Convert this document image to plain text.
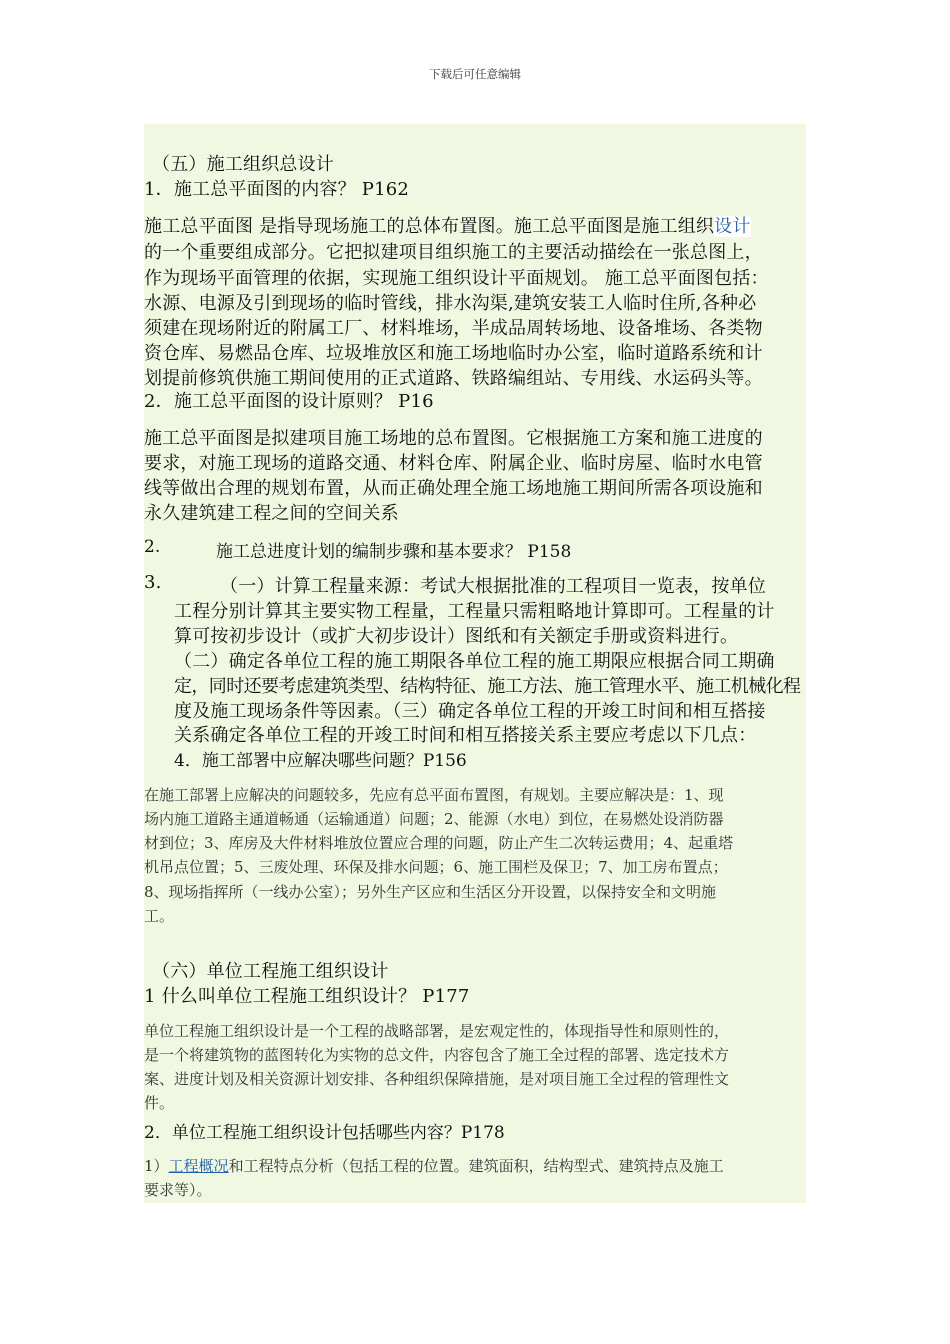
下载后可任意编辑
（五）施工组织总设计
1．施工总平面图的内容？ P162
施工总平面图 是指导现场施工的总体布置图。施工总平面图是施工组织设计
的一个重要组成部分。它把拟建项目组织施工的主要活动描绘在一张总图上，
作为现场平面管理的依据，实现施工组织设计平面规划。 施工总平面图包括：
水源、电源及引到现场的临时管线，排水沟渠,建筑安装工人临时住所,各种必
须建在现场附近的附属工厂、材料堆场，半成品周转场地、设备堆场、各类物
资仓库、易燃品仓库、垃圾堆放区和施工场地临时办公室，临时道路系统和计
划提前修筑供施工期间使用的正式道路、铁路编组站、专用线、水运码头等。
2．施工总平面图的设计原则？ P16
施工总平面图是拟建项目施工场地的总布置图。它根据施工方案和施工进度的
要求，对施工现场的道路交通、材料仓库、附属企业、临时房屋、临时水电管
线等做出合理的规划布置，从而正确处理全施工场地施工期间所需各项设施和
永久建筑建工程之间的空间关系
2.	施工总进度计划的编制步骤和基本要求？ P158
3.	（一）计算工程量来源：考试大根据批准的工程项目一览表，按单位
工程分别计算其主要实物工程量，工程量只需粗略地计算即可。工程量的计
算可按初步设计（或扩大初步设计）图纸和有关额定手册或资料进行。
（二）确定各单位工程的施工期限各单位工程的施工期限应根据合同工期确
定，同时还要考虑建筑类型、结构特征、施工方法、施工管理水平、施工机械化程
度及施工现场条件等因素。（三）确定各单位工程的开竣工时间和相互搭接
关系确定各单位工程的开竣工时间和相互搭接关系主要应考虑以下几点：
4．施工部署中应解决哪些问题？P156
在施工部署上应解决的问题较多，先应有总平面布置图，有规划。主要应解决是：1、现
场内施工道路主通道畅通（运输通道）问题；2、能源（水电）到位，在易燃处设消防器
材到位；3、库房及大件材料堆放位置应合理的问题，防止产生二次转运费用；4、起重塔
机吊点位置；5、三废处理、环保及排水问题；6、施工围栏及保卫；7、加工房布置点；
8、现场指挥所（一线办公室）；另外生产区应和生活区分开设置，以保持安全和文明施
工。
（六）单位工程施工组织设计
1 什么叫单位工程施工组织设计？ P177
单位工程施工组织设计是一个工程的战略部署，是宏观定性的，体现指导性和原则性的，
是一个将建筑物的蓝图转化为实物的总文件，内容包含了施工全过程的部署、选定技术方
案、进度计划及相关资源计划安排、各种组织保障措施，是对项目施工全过程的管理性文
件。
2．单位工程施工组织设计包括哪些内容？P178
1）工程概况和工程特点分析（包括工程的位置。建筑面积，结构型式、建筑持点及施工
要求等）。
